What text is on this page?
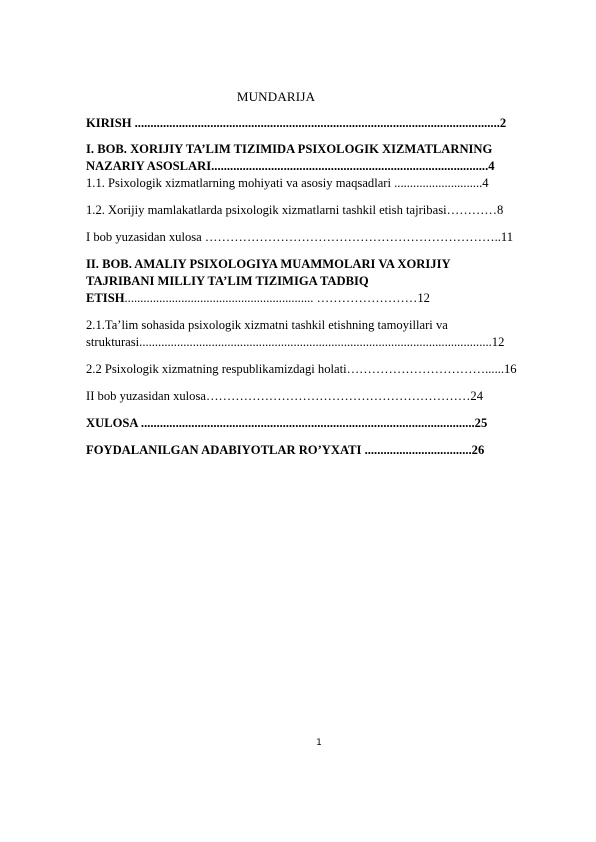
MUNDARIJA
KIRISH ....................................................................................................................2
I. BOB. XORIJIY TA’LIM TIZIMIDA PSIXOLOGIK XIZMATLARNING
NAZARIY ASOSLARI........................................................................................4
1.1. Psixologik xizmatlarning mohiyati va asosiy maqsadlari ............................4
1.2. Xorijiy mamlakatlarda psixologik xizmatlarni tashkil etish tajribasi…………8
I bob yuzasidan xulosa ……………………………………………………………..11
II. BOB. AMALIY PSIXOLOGIYA MUAMMOLARI VA XORIJIY
TAJRIBANI MILLIY TA’LIM TIZIMIGA TADBIQ
ETISH............................................................ ……………………12
2.1.Ta’lim sohasida psixologik xizmatni tashkil etishning tamoyillari va
strukturasi................................................................................................................12
2.2 Psixologik xizmatning respublikamizdagi holati……………………………......16
II bob yuzasidan xulosa………………………………………………………24
XULOSA ..........................................................................................................25
FOYDALANILGAN ADABIYOTLAR RO’YXATI ..................................26
1
